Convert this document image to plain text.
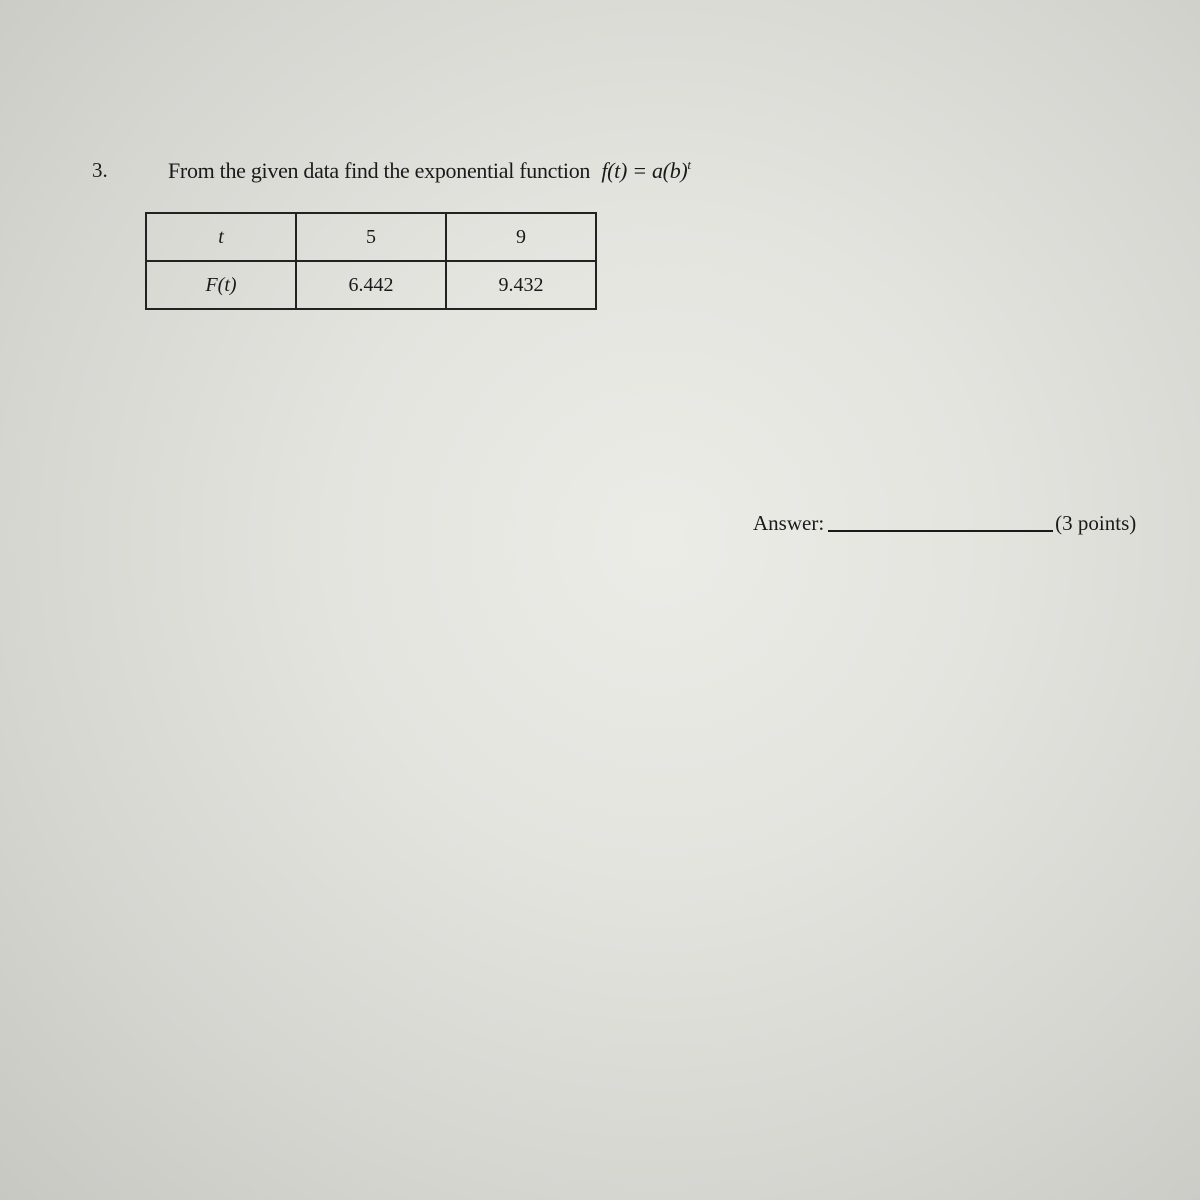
3.	From the given data find the exponential function $f(t) = a(b)^t$
t	5	9
F(t)	6.442	9.432
Answer:	(3 points)
